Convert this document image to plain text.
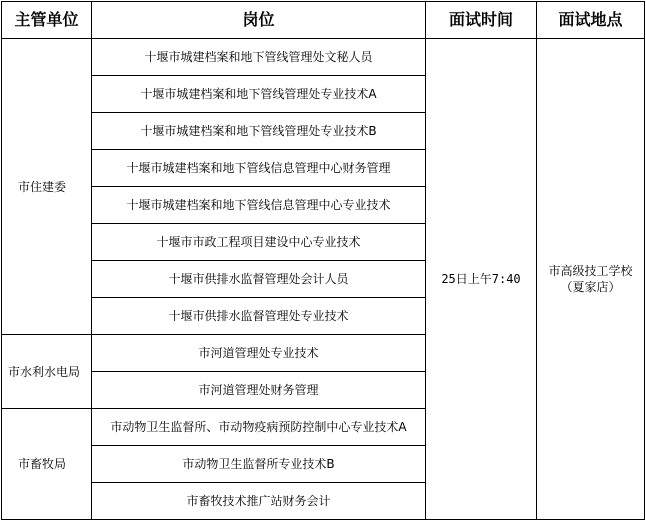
主管单位	岗位	面试时间	面试地点
市住建委	十堰市城建档案和地下管线管理处文秘人员	25日上午7:40	市高级技工学校
（夏家店）
	十堰市城建档案和地下管线管理处专业技术A		
	十堰市城建档案和地下管线管理处专业技术B		
	十堰市城建档案和地下管线信息管理中心财务管理		
	十堰市城建档案和地下管线信息管理中心专业技术		
	十堰市市政工程项目建设中心专业技术		
	十堰市供排水监督管理处会计人员		
	十堰市供排水监督管理处专业技术		
市水利水电局	市河道管理处专业技术		
	市河道管理处财务管理		
市畜牧局	市动物卫生监督所、市动物疫病预防控制中心专业技术A		
	市动物卫生监督所专业技术B		
	市畜牧技术推广站财务会计		
